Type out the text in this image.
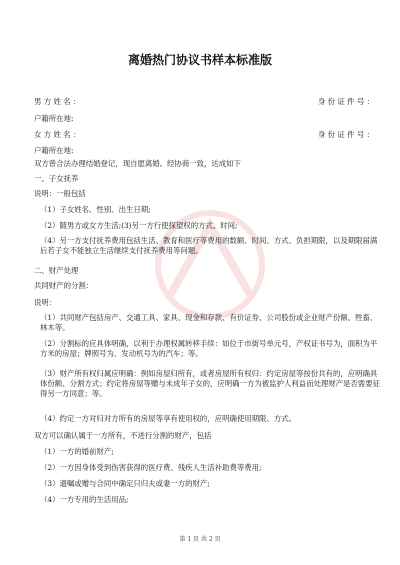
离婚热门协议书样本标准版
男 方 姓 名 ：	身 份 证 件 号 ：
户籍所在地:
女 方 姓 名 ：	身 份 证 件 号 ：
户籍所在地:
双方曾合法办理结婚登记，现自愿离婚。经协商一致，达成如下
一、子女抚养
说明：一般包括
（1）子女姓名、性别、出生日期;
（2）随男方或女方生活;(3)另一方行使探望权的方式、时间;
（4）另一方支付抚养费用包括生活、教育和医疗等费用的数额、时间、方式、负担期限，以及期限届满后若子女不能独立生活继续支付抚养费用等问题。
二、财产处理
共同财产的分割：
说明：
（1）共同财产包括房产、交通工具、家具、现金和存款、有价证券、公司股份或企业财产份额、牲畜、林木等。
（2）分割标的应具体明确，以利于办理权属转移手续：如位于市街号单元号，产权证书号为，面积为平方米的房屋；牌照号为、发动机号为的汽车；等。
（3）财产所有权归属应明确：例如房屋归所有，或者房屋所有权归：约定房屋等按份共有的，应明确具体份额、分割方式；约定将房屋等赠与未成年子女的，应明确一方为被监护人利益而处理财产是否需要征得另一方同意；等。
（4）约定一方对归对方所有的房屋等享有使用权的，应明确使用期限、方式。
双方可以确认属于一方所有，不进行分割的财产，包括
（1）一方的婚前财产;
（2）一方因身体受到伤害获得的医疗费、残疾人生活补助费等费用;
（3）遗嘱或赠与合同中确定只归夫或妻一方的财产;
（4）一方专用的生活用品;
第 1 页 共 2 页
